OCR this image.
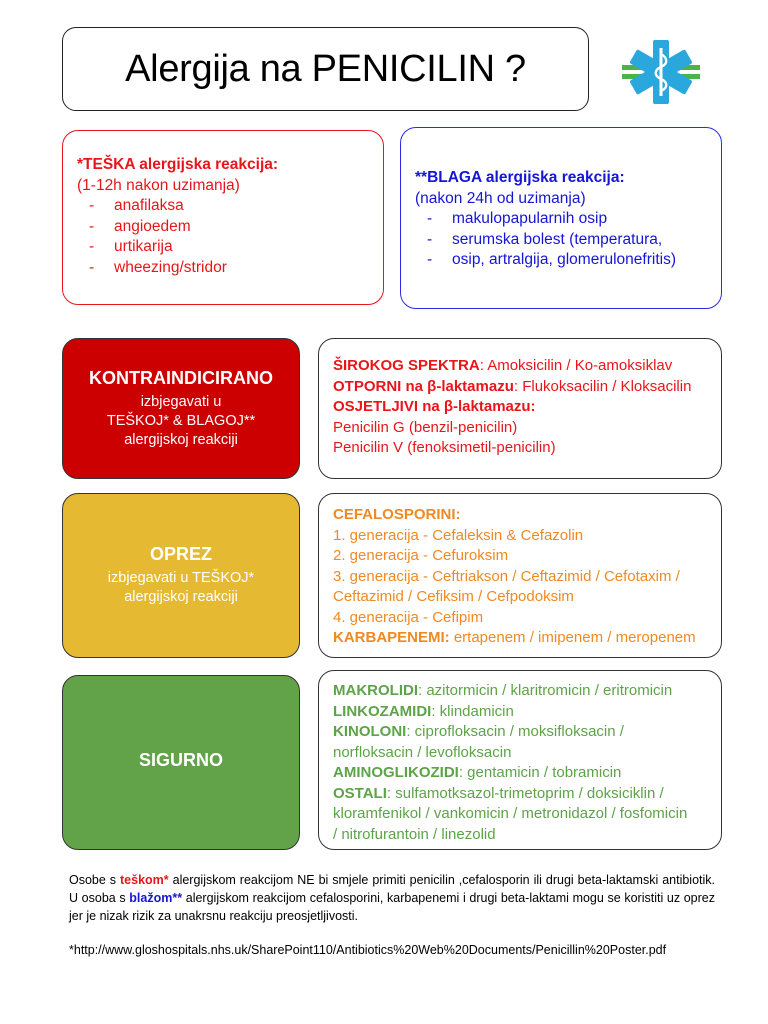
Alergija na PENICILIN ?
*TEŠKA alergijska reakcija:
(1-12h nakon uzimanja)
- anafilaksa
- angioedem
- urtikarija
- wheezing/stridor
**BLAGA alergijska reakcija:
(nakon 24h od uzimanja)
- makulopapularnih osip
- serumska bolest (temperatura,
- osip, artralgija, glomerulonefritis)
KONTRAINDICIRANO
izbjegavati u
TEŠKOJ* & BLAGOJ**
alergijskoj reakciji
ŠIROKOG SPEKTRA: Amoksicilin / Ko-amoksiklav
OTPORNI na β-laktamazu: Flukoksacilin / Kloksacilin
OSJETLJIVI na β-laktamazu:
Penicilin G (benzil-penicilin)
Penicilin V (fenoksimetil-penicilin)
OPREZ
izbjegavati u TEŠKOJ*
alergijskoj reakciji
CEFALOSPORINI:
1. generacija - Cefaleksin & Cefazolin
2. generacija - Cefuroksim
3. generacija - Ceftriakson / Ceftazimid / Cefotaxim /
Ceftazimid / Cefiksim / Cefpodoksim
4. generacija - Cefipim
KARBAPENEMI: ertapenem / imipenem / meropenem
SIGURNO
MAKROLIDI: azitormicin / klaritromicin / eritromicin
LINKOZAMIDI: klindamicin
KINOLONI: ciprofloksacin / moksifloksacin /
norfloksacin / levofloksacin
AMINOGLIKOZIDI: gentamicin / tobramicin
OSTALI: sulfamotksazol-trimetoprim / doksiciklin /
kloramfenikol / vankomicin / metronidazol / fosfomicin
/ nitrofurantoin / linezolid
Osobe s teškom* alergijskom reakcijom NE bi smjele primiti penicilin ,cefalosporin ili drugi beta-laktamski antibiotik. U osoba s blažom** alergijskom reakcijom cefalosporini, karbapenemi i drugi beta-laktami mogu se koristiti uz oprez jer je nizak rizik za unakrsnu reakciju preosjetljivosti.
*http://www.gloshospitals.nhs.uk/SharePoint110/Antibiotics%20Web%20Documents/Penicillin%20Poster.pdf
